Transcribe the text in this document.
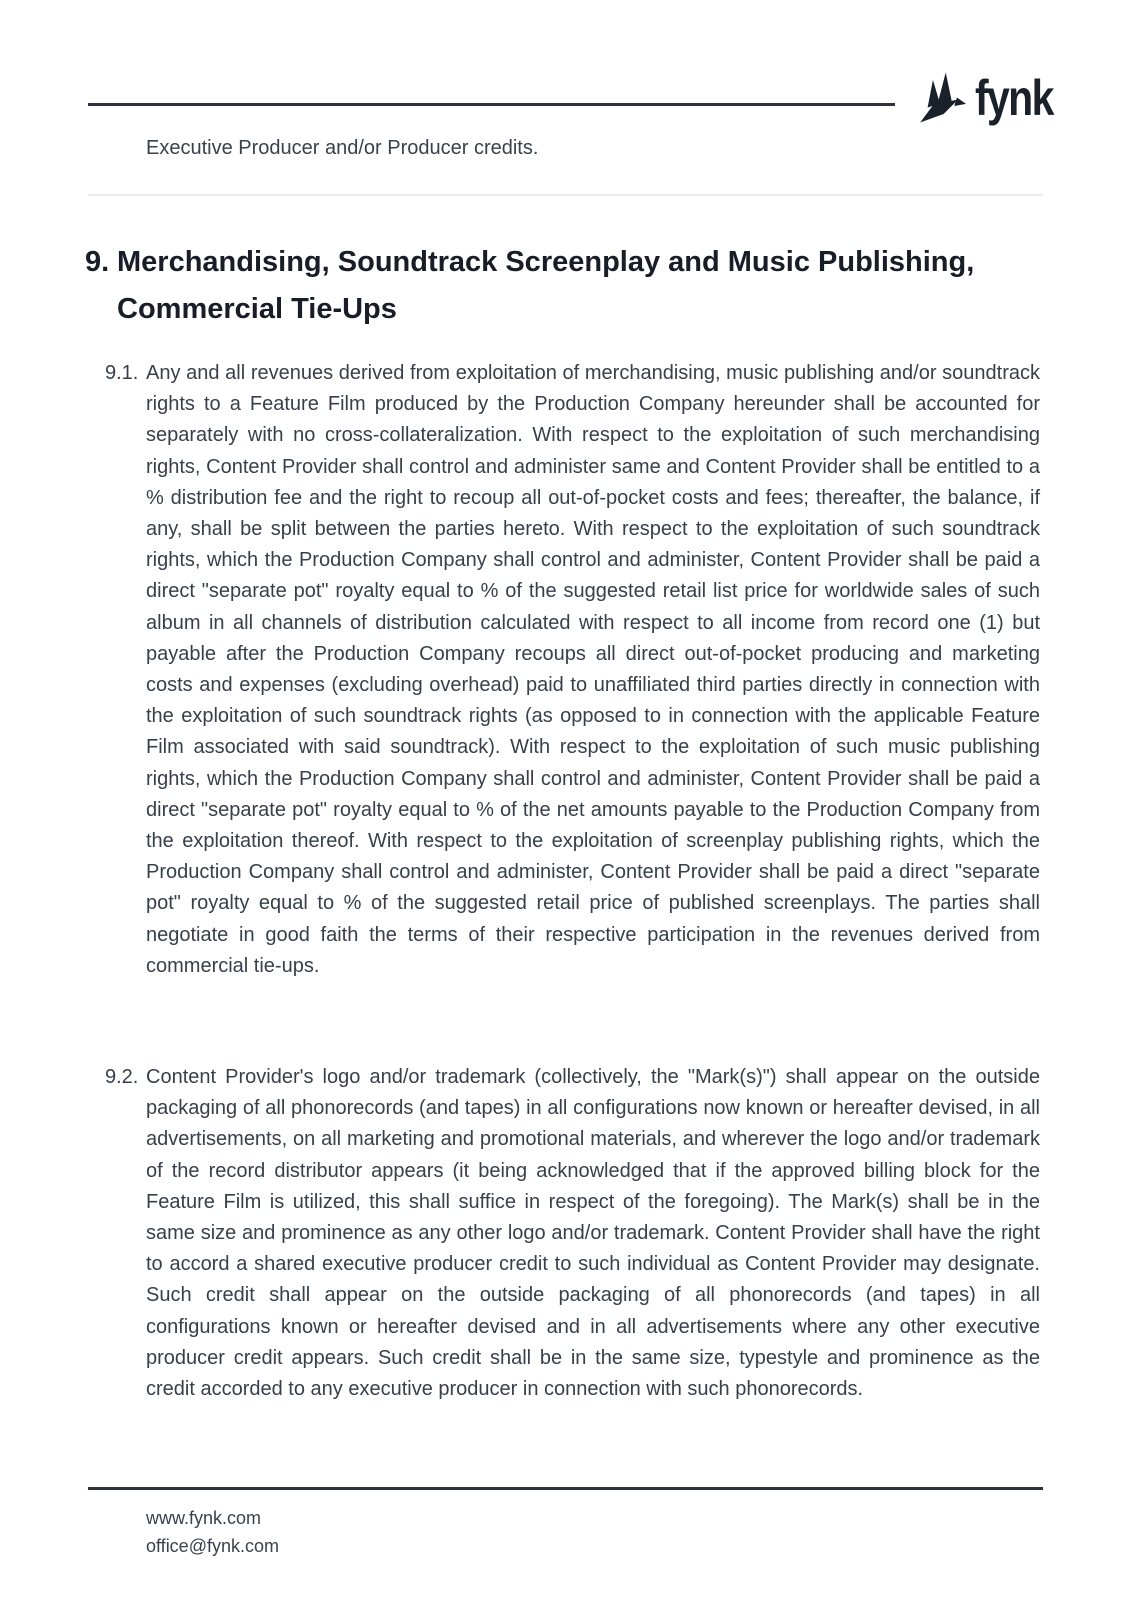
fynk

Executive Producer and/or Producer credits.

9. Merchandising, Soundtrack Screenplay and Music Publishing, Commercial Tie-Ups
9.1. Any and all revenues derived from exploitation of merchandising, music publishing and/or soundtrack rights to a Feature Film produced by the Production Company hereunder shall be accounted for separately with no cross-collateralization. With respect to the exploitation of such merchandising rights, Content Provider shall control and administer same and Content Provider shall be entitled to a % distribution fee and the right to recoup all out-of-pocket costs and fees; thereafter, the balance, if any, shall be split between the parties hereto. With respect to the exploitation of such soundtrack rights, which the Production Company shall control and administer, Content Provider shall be paid a direct "separate pot" royalty equal to % of the suggested retail list price for worldwide sales of such album in all channels of distribution calculated with respect to all income from record one (1) but payable after the Production Company recoups all direct out-of-pocket producing and marketing costs and expenses (excluding overhead) paid to unaffiliated third parties directly in connection with the exploitation of such soundtrack rights (as opposed to in connection with the applicable Feature Film associated with said soundtrack). With respect to the exploitation of such music publishing rights, which the Production Company shall control and administer, Content Provider shall be paid a direct "separate pot" royalty equal to % of the net amounts payable to the Production Company from the exploitation thereof. With respect to the exploitation of screenplay publishing rights, which the Production Company shall control and administer, Content Provider shall be paid a direct "separate pot" royalty equal to % of the suggested retail price of published screenplays. The parties shall negotiate in good faith the terms of their respective participation in the revenues derived from commercial tie-ups.

9.2. Content Provider's logo and/or trademark (collectively, the "Mark(s)") shall appear on the outside packaging of all phonorecords (and tapes) in all configurations now known or hereafter devised, in all advertisements, on all marketing and promotional materials, and wherever the logo and/or trademark of the record distributor appears (it being acknowledged that if the approved billing block for the Feature Film is utilized, this shall suffice in respect of the foregoing). The Mark(s) shall be in the same size and prominence as any other logo and/or trademark. Content Provider shall have the right to accord a shared executive producer credit to such individual as Content Provider may designate. Such credit shall appear on the outside packaging of all phonorecords (and tapes) in all configurations known or hereafter devised and in all advertisements where any other executive producer credit appears. Such credit shall be in the same size, typestyle and prominence as the credit accorded to any executive producer in connection with such phonorecords.

www.fynk.com
office@fynk.com
